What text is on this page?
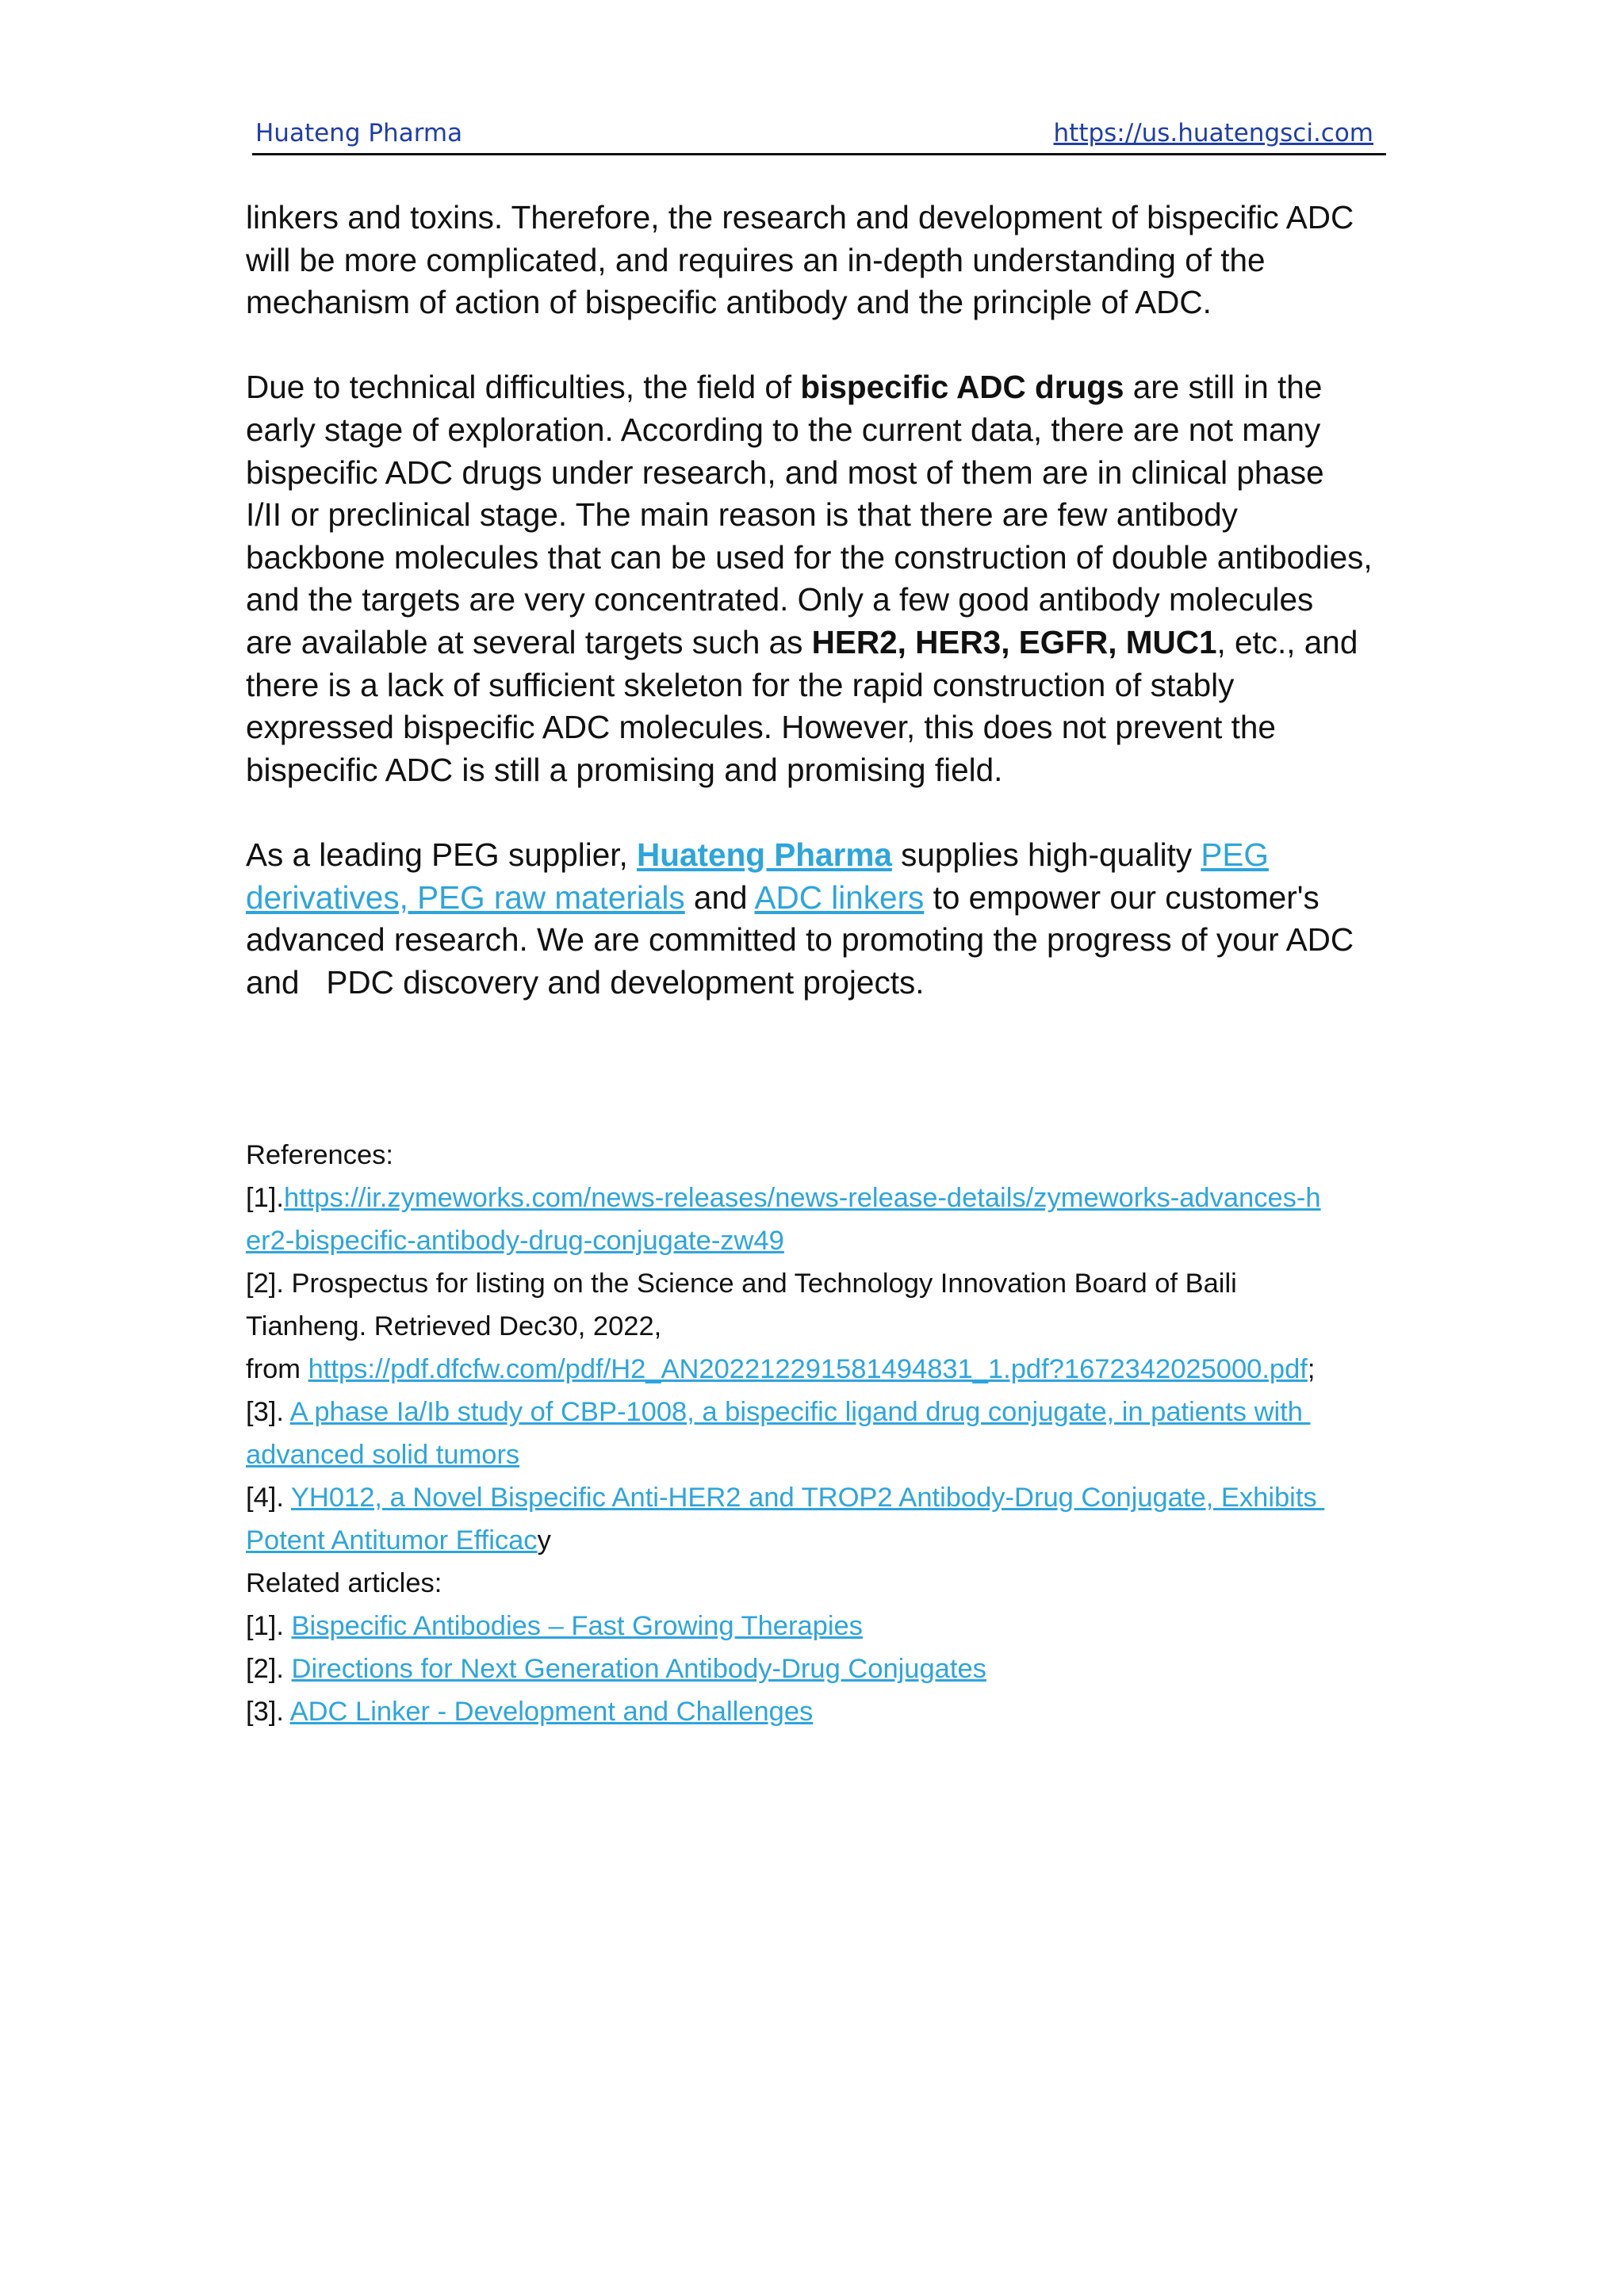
Huateng Pharma	https://us.huatengsci.com

linkers and toxins. Therefore, the research and development of bispecific ADC
will be more complicated, and requires an in-depth understanding of the
mechanism of action of bispecific antibody and the principle of ADC.

Due to technical difficulties, the field of bispecific ADC drugs are still in the
early stage of exploration. According to the current data, there are not many
bispecific ADC drugs under research, and most of them are in clinical phase
I/II or preclinical stage. The main reason is that there are few antibody
backbone molecules that can be used for the construction of double antibodies,
and the targets are very concentrated. Only a few good antibody molecules
are available at several targets such as HER2, HER3, EGFR, MUC1, etc., and
there is a lack of sufficient skeleton for the rapid construction of stably
expressed bispecific ADC molecules. However, this does not prevent the
bispecific ADC is still a promising and promising field.

As a leading PEG supplier, Huateng Pharma supplies high-quality PEG
derivatives, PEG raw materials and ADC linkers to empower our customer's
advanced research. We are committed to promoting the progress of your ADC
and   PDC discovery and development projects.

References:
[1].https://ir.zymeworks.com/news-releases/news-release-details/zymeworks-advances-h
er2-bispecific-antibody-drug-conjugate-zw49
[2]. Prospectus for listing on the Science and Technology Innovation Board of Baili
Tianheng. Retrieved Dec30, 2022,
from https://pdf.dfcfw.com/pdf/H2_AN202212291581494831_1.pdf?1672342025000.pdf;
[3]. A phase Ia/Ib study of CBP-1008, a bispecific ligand drug conjugate, in patients with
advanced solid tumors
[4]. YH012, a Novel Bispecific Anti-HER2 and TROP2 Antibody-Drug Conjugate, Exhibits
Potent Antitumor Efficacy
Related articles:
[1]. Bispecific Antibodies – Fast Growing Therapies
[2]. Directions for Next Generation Antibody-Drug Conjugates
[3]. ADC Linker - Development and Challenges
